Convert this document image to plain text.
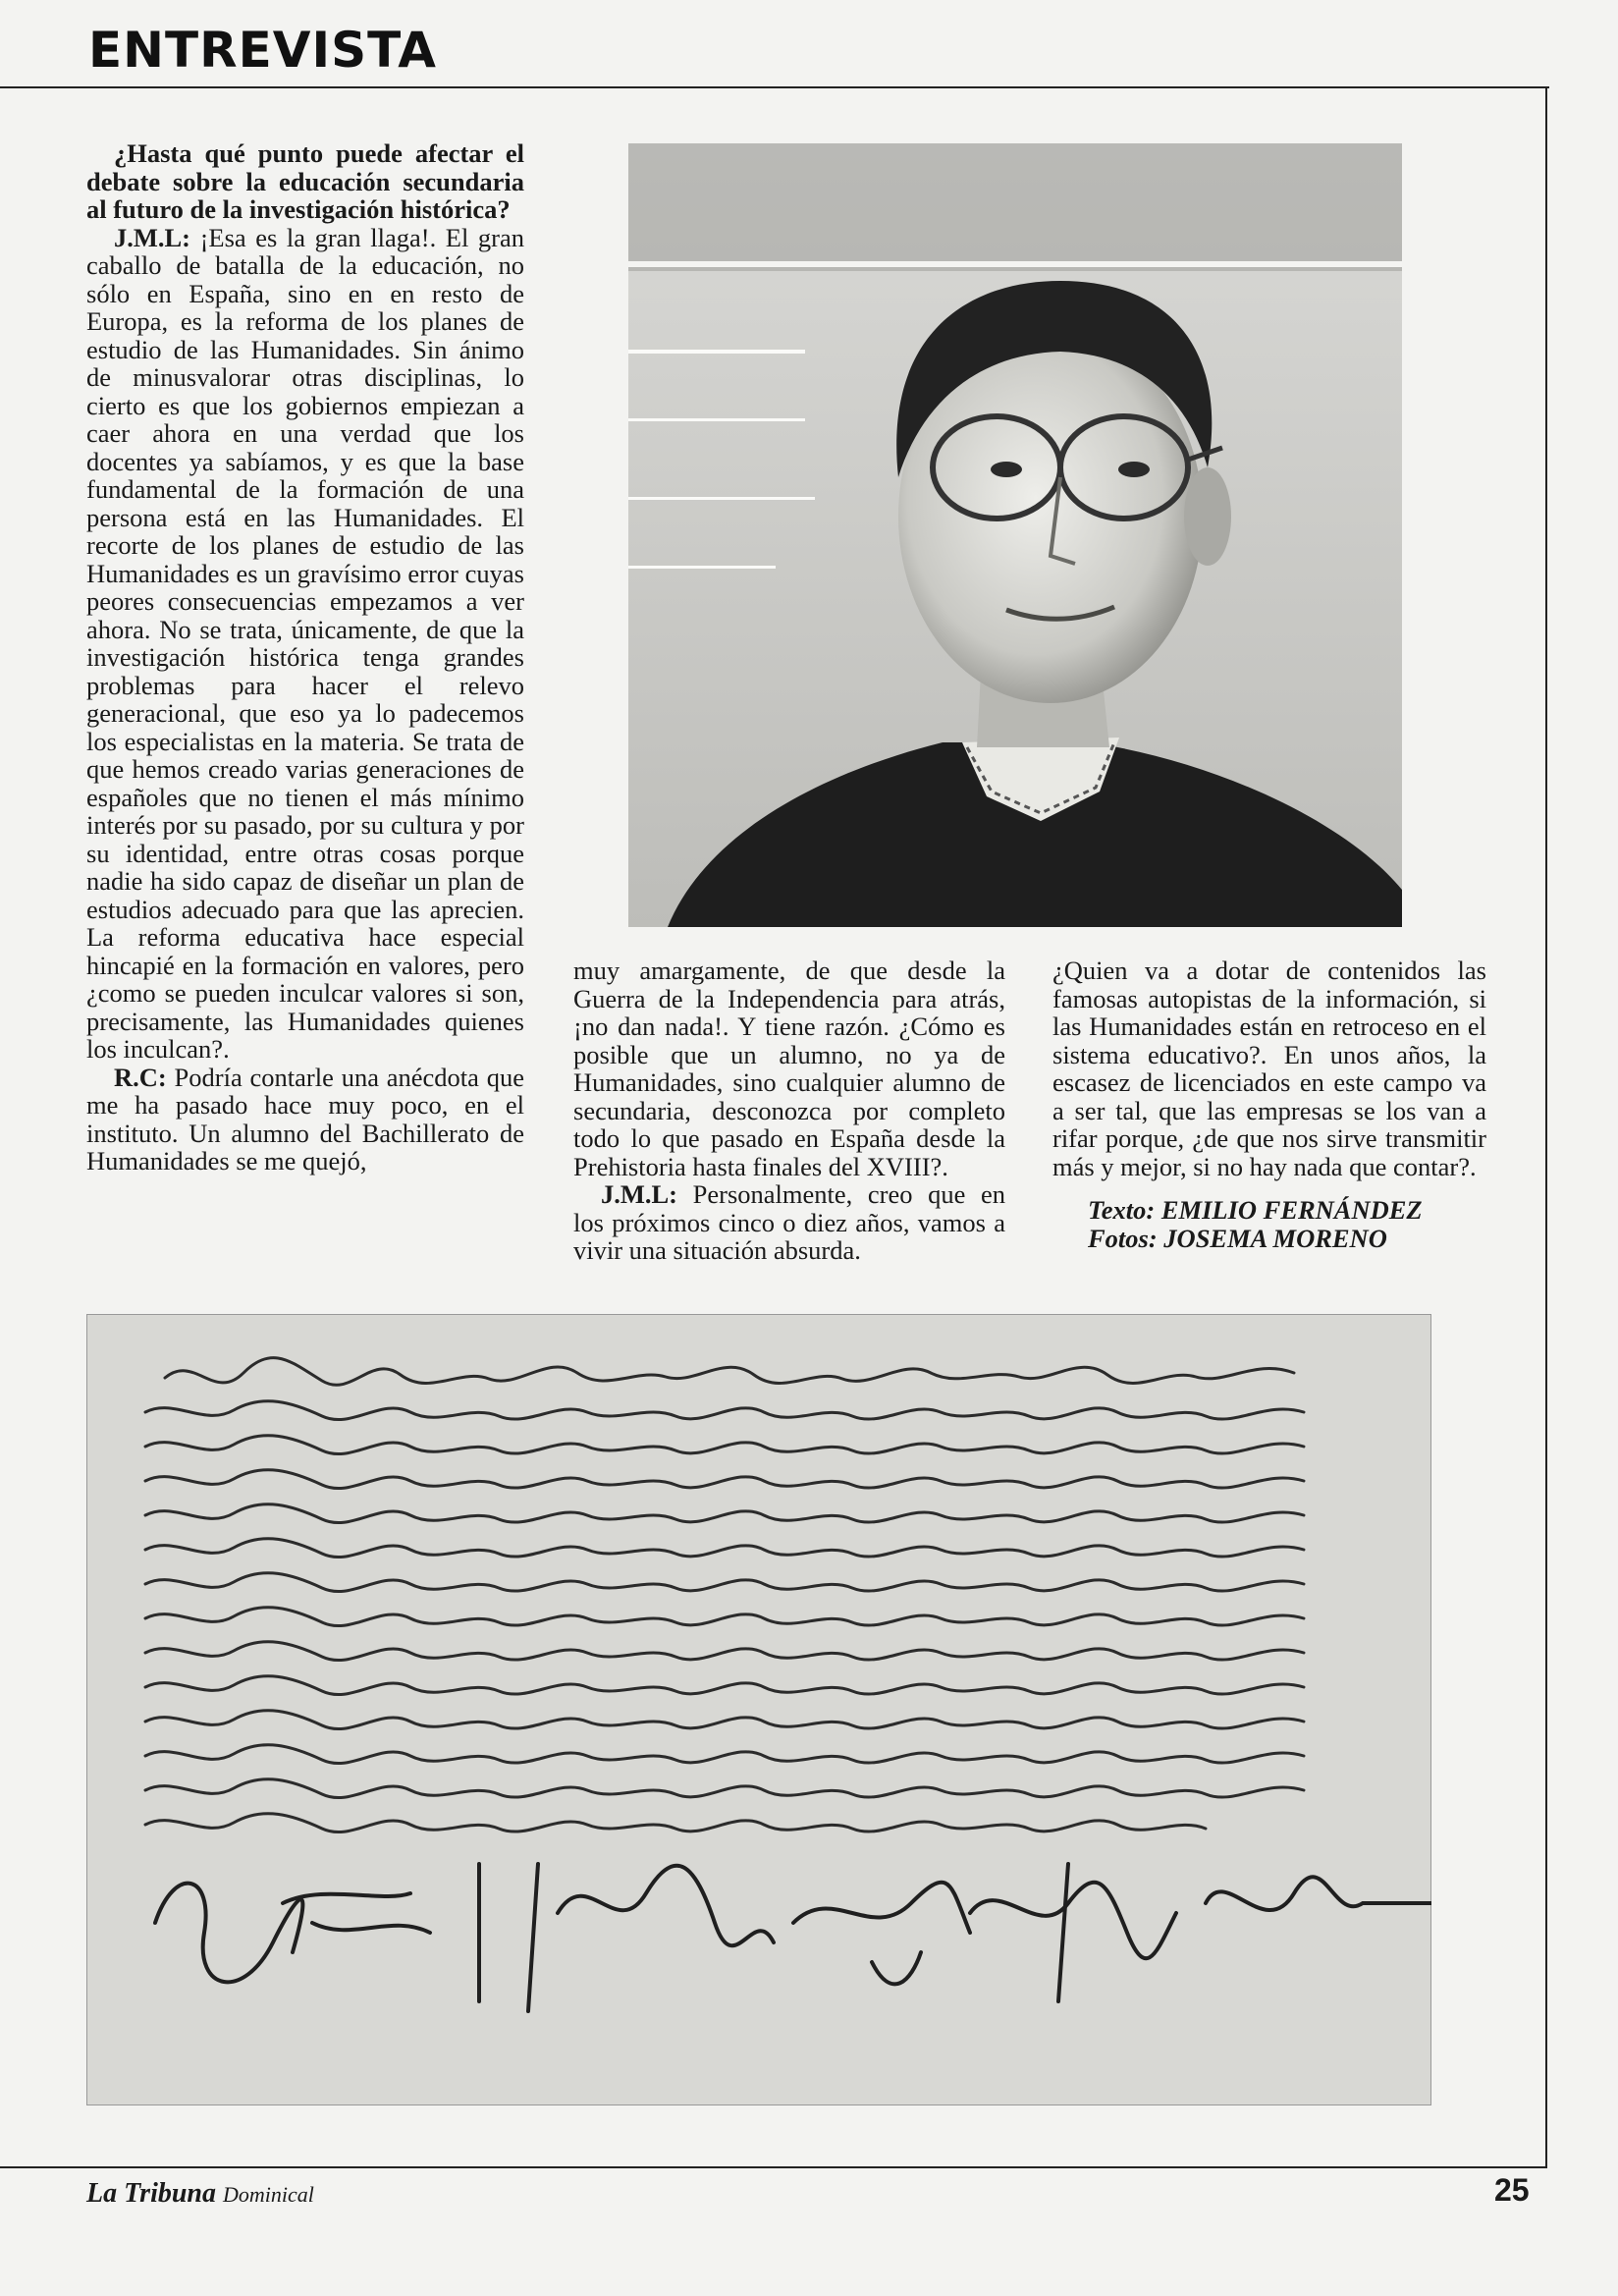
ENTREVISTA

¿Hasta qué punto puede afectar el debate sobre la educación secundaria al futuro de la investigación histórica?

J.M.L: ¡Esa es la gran llaga!. El gran caballo de batalla de la educación, no sólo en España, sino en en resto de Europa, es la reforma de los planes de estudio de las Humanidades. Sin ánimo de minusvalorar otras disciplinas, lo cierto es que los gobiernos empiezan a caer ahora en una verdad que los docentes ya sabíamos, y es que la base fundamental de la formación de una persona está en las Humanidades. El recorte de los planes de estudio de las Humanidades es un gravísimo error cuyas peores consecuencias empezamos a ver ahora. No se trata, únicamente, de que la investigación histórica tenga grandes problemas para hacer el relevo generacional, que eso ya lo padecemos los especialistas en la materia. Se trata de que hemos creado varias generaciones de españoles que no tienen el más mínimo interés por su pasado, por su cultura y por su identidad, entre otras cosas porque nadie ha sido capaz de diseñar un plan de estudios adecuado para que las aprecien. La reforma educativa hace especial hincapié en la formación en valores, pero ¿como se pueden inculcar valores si son, precisamente, las Humanidades quienes los inculcan?.

R.C: Podría contarle una anécdota que me ha pasado hace muy poco, en el instituto. Un alumno del Bachillerato de Humanidades se me quejó,

muy amargamente, de que desde la Guerra de la Independencia para atrás, ¡no dan nada!. Y tiene razón. ¿Cómo es posible que un alumno, no ya de Humanidades, sino cualquier alumno de secundaria, desconozca por completo todo lo que pasado en España desde la Prehistoria hasta finales del XVIII?.

J.M.L: Personalmente, creo que en los próximos cinco o diez años, vamos a vivir una situación absurda.

¿Quien va a dotar de contenidos las famosas autopistas de la información, si las Humanidades están en retroceso en el sistema educativo?. En unos años, la escasez de licenciados en este campo va a ser tal, que las empresas se los van a rifar porque, ¿de que nos sirve transmitir más y mejor, si no hay nada que contar?.

Texto: EMILIO FERNÁNDEZ
Fotos: JOSEMA MORENO

La Tribuna Dominical	25
